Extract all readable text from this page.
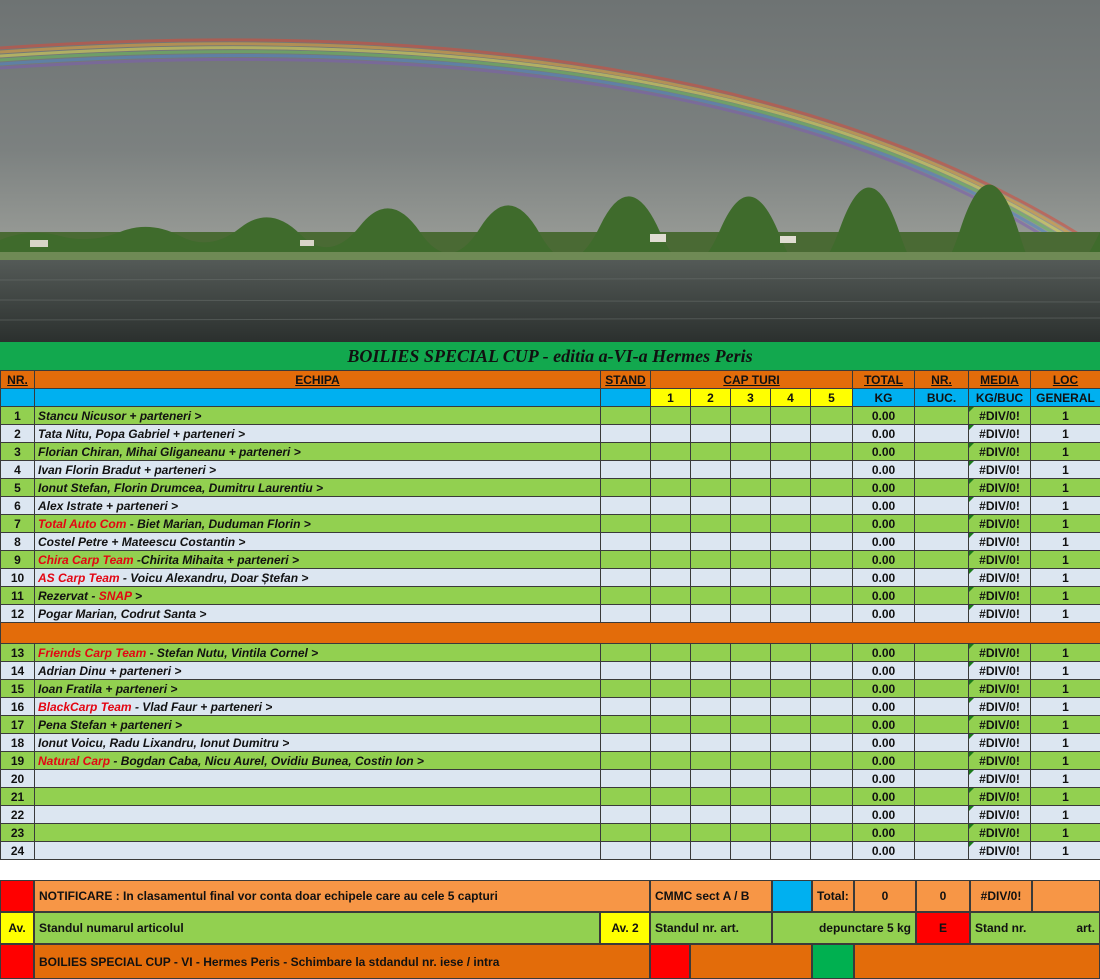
BOILIES SPECIAL CUP - editia a-VI-a Hermes Peris
NR.	ECHIPA	STAND	CAP TURI					TOTAL	NR.	MEDIA	LOC
			1	2	3	4	5	KG	BUC.	KG/BUC	GENERAL
1	Stancu Nicusor + parteneri >							0.00		#DIV/0!	1
2	Tata Nitu, Popa Gabriel + parteneri >							0.00		#DIV/0!	1
3	Florian Chiran, Mihai Gliganeanu + parteneri >							0.00		#DIV/0!	1
4	Ivan Florin Bradut + parteneri >							0.00		#DIV/0!	1
5	Ionut Stefan, Florin Drumcea, Dumitru Laurentiu >							0.00		#DIV/0!	1
6	Alex Istrate + parteneri >							0.00		#DIV/0!	1
7	Total Auto Com - Biet Marian, Duduman Florin >							0.00		#DIV/0!	1
8	Costel Petre + Mateescu Costantin >							0.00		#DIV/0!	1
9	Chira Carp Team -Chirita Mihaita + parteneri >							0.00		#DIV/0!	1
10	AS Carp Team - Voicu Alexandru, Doar Ștefan >							0.00		#DIV/0!	1
11	Rezervat - SNAP >							0.00		#DIV/0!	1
12	Pogar Marian, Codrut Santa >							0.00		#DIV/0!	1

13	Friends Carp Team - Stefan Nutu, Vintila Cornel >							0.00		#DIV/0!	1
14	Adrian Dinu + parteneri >							0.00		#DIV/0!	1
15	Ioan Fratila + parteneri >							0.00		#DIV/0!	1
16	BlackCarp Team - Vlad Faur + parteneri >							0.00		#DIV/0!	1
17	Pena Stefan + parteneri >							0.00		#DIV/0!	1
18	Ionut Voicu, Radu Lixandru, Ionut Dumitru >							0.00		#DIV/0!	1
19	Natural Carp - Bogdan Caba, Nicu Aurel, Ovidiu Bunea, Costin Ion >							0.00		#DIV/0!	1
20								0.00		#DIV/0!	1
21								0.00		#DIV/0!	1
22								0.00		#DIV/0!	1
23								0.00		#DIV/0!	1
24								0.00		#DIV/0!	1
NOTIFICARE : In clasamentul final vor conta doar echipele care au cele 5 capturi	CMMC sect A / B	Total:	0	0	#DIV/0!
Av.	Standul numarul articolul	Av. 2	Standul nr. art.	depunctare 5 kg	E	Stand nr.	art.
BOILIES SPECIAL CUP - VI - Hermes Peris - Schimbare la stdandul nr. iese / intra
